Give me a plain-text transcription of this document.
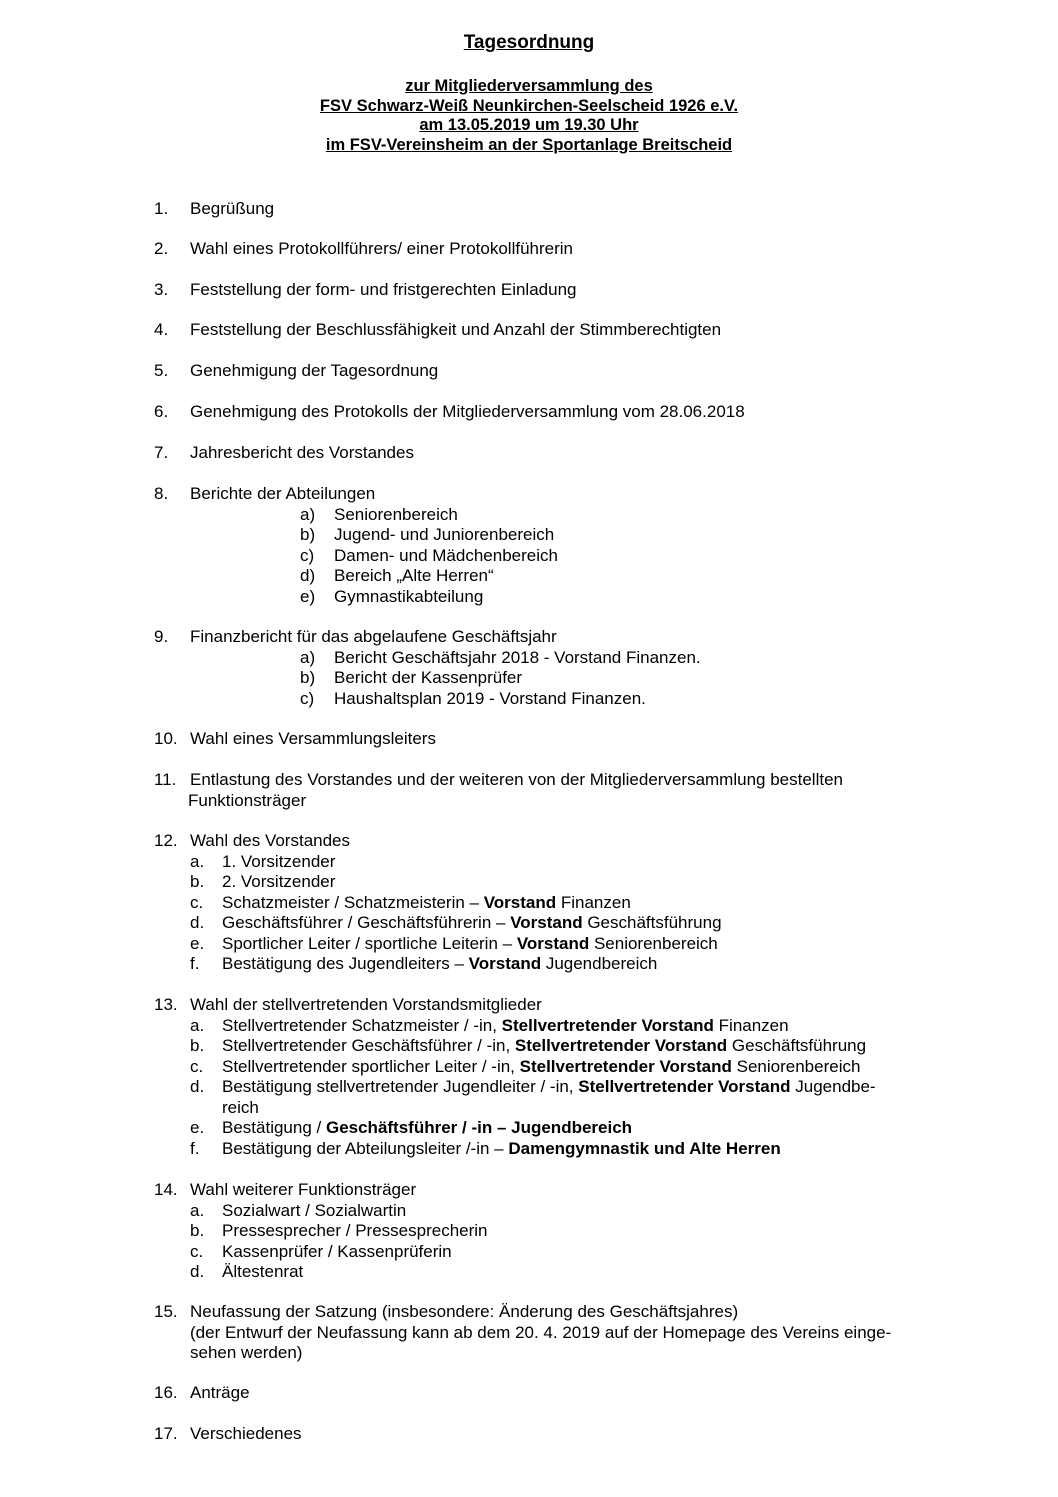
Tagesordnung
zur Mitgliederversammlung des
FSV Schwarz-Weiß Neunkirchen-Seelscheid 1926 e.V.
am 13.05.2019 um 19.30 Uhr
im FSV-Vereinsheim an der Sportanlage Breitscheid
1.	Begrüßung
2.	Wahl eines Protokollführers/ einer Protokollführerin
3.	Feststellung der form- und fristgerechten Einladung
4.	Feststellung der Beschlussfähigkeit und Anzahl der Stimmberechtigten
5.	Genehmigung der Tagesordnung
6.	Genehmigung des Protokolls der Mitgliederversammlung vom 28.06.2018
7.	Jahresbericht des Vorstandes
8.	Berichte der Abteilungen
a) Seniorenbereich
b) Jugend- und Juniorenbereich
c) Damen- und Mädchenbereich
d) Bereich „Alte Herren“
e) Gymnastikabteilung
9.	Finanzbericht für das abgelaufene Geschäftsjahr
a) Bericht Geschäftsjahr 2018 - Vorstand Finanzen.
b) Bericht der Kassenprüfer
c) Haushaltsplan 2019 - Vorstand Finanzen.
10. Wahl eines Versammlungsleiters
11. Entlastung des Vorstandes und der weiteren von der Mitgliederversammlung bestellten
Funktionsträger
12. Wahl des Vorstandes
a. 1. Vorsitzender
b. 2. Vorsitzender
c. Schatzmeister / Schatzmeisterin – Vorstand Finanzen
d. Geschäftsführer / Geschäftsführerin – Vorstand Geschäftsführung
e. Sportlicher Leiter / sportliche Leiterin – Vorstand Seniorenbereich
f. Bestätigung des Jugendleiters – Vorstand Jugendbereich
13. Wahl der stellvertretenden Vorstandsmitglieder
a. Stellvertretender Schatzmeister / -in, Stellvertretender Vorstand Finanzen
b. Stellvertretender Geschäftsführer / -in, Stellvertretender Vorstand Geschäftsführung
c. Stellvertretender sportlicher Leiter / -in, Stellvertretender Vorstand Seniorenbereich
d. Bestätigung stellvertretender Jugendleiter / -in, Stellvertretender Vorstand Jugendbe-
reich
e. Bestätigung / Geschäftsführer / -in – Jugendbereich
f. Bestätigung der Abteilungsleiter /-in – Damengymnastik und Alte Herren
14. Wahl weiterer Funktionsträger
a. Sozialwart / Sozialwartin
b. Pressesprecher / Pressesprecherin
c. Kassenprüfer / Kassenprüferin
d. Ältestenrat
15. Neufassung der Satzung (insbesondere: Änderung des Geschäftsjahres)
(der Entwurf der Neufassung kann ab dem 20. 4. 2019 auf der Homepage des Vereins einge-
sehen werden)
16. Anträge
17. Verschiedenes
